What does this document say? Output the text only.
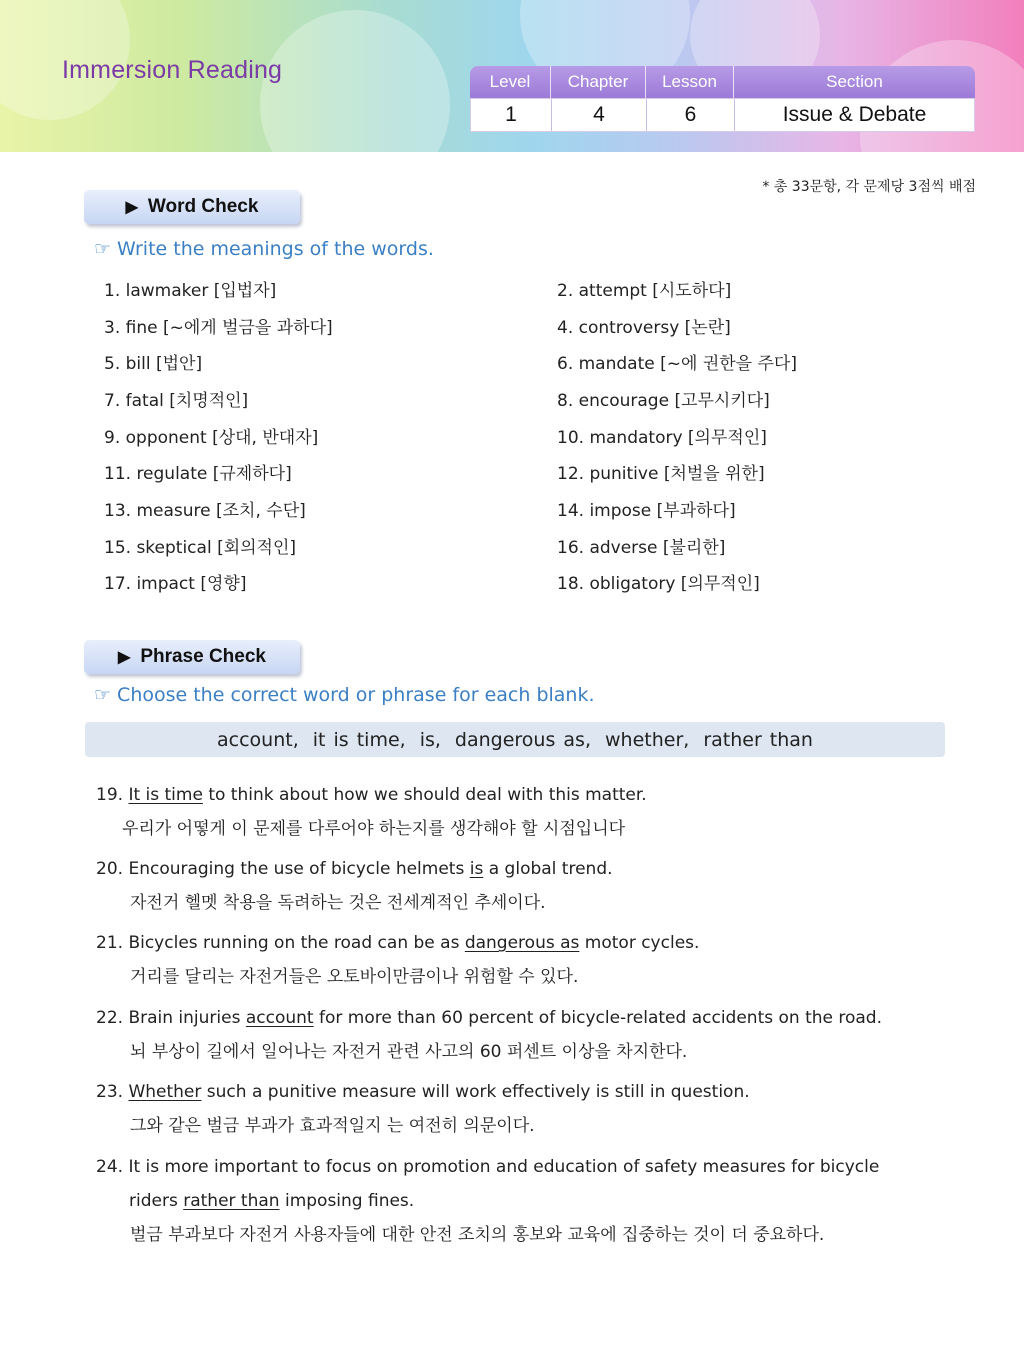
Immersion Reading	Level	Chapter	Lesson	Section
1	4	6	Issue & Debate
* 총 33문항, 각 문제당 3점씩 배점
▶ Word Check
☞ Write the meanings of the words.
1. lawmaker [입법자]	2. attempt [시도하다]
3. fine [~에게 벌금을 과하다]	4. controversy [논란]
5. bill [법안]	6. mandate [~에 권한을 주다]
7. fatal [치명적인]	8. encourage [고무시키다]
9. opponent [상대, 반대자]	10. mandatory [의무적인]
11. regulate [규제하다]	12. punitive [처벌을 위한]
13. measure [조치, 수단]	14. impose [부과하다]
15. skeptical [회의적인]	16. adverse [불리한]
17. impact [영향]	18. obligatory [의무적인]
▶ Phrase Check
☞ Choose the correct word or phrase for each blank.
account, it is time, is, dangerous as, whether, rather than
19. It is time to think about how we should deal with this matter.
우리가 어떻게 이 문제를 다루어야 하는지를 생각해야 할 시점입니다
20. Encouraging the use of bicycle helmets is a global trend.
자전거 헬멧 착용을 독려하는 것은 전세계적인 추세이다.
21. Bicycles running on the road can be as dangerous as motor cycles.
거리를 달리는 자전거들은 오토바이만큼이나 위험할 수 있다.
22. Brain injuries account for more than 60 percent of bicycle-related accidents on the road.
뇌 부상이 길에서 일어나는 자전거 관련 사고의 60 퍼센트 이상을 차지한다.
23. Whether such a punitive measure will work effectively is still in question.
그와 같은 벌금 부과가 효과적일지 는 여전히 의문이다.
24. It is more important to focus on promotion and education of safety measures for bicycle
riders rather than imposing fines.
벌금 부과보다 자전거 사용자들에 대한 안전 조치의 홍보와 교육에 집중하는 것이 더 중요하다.
